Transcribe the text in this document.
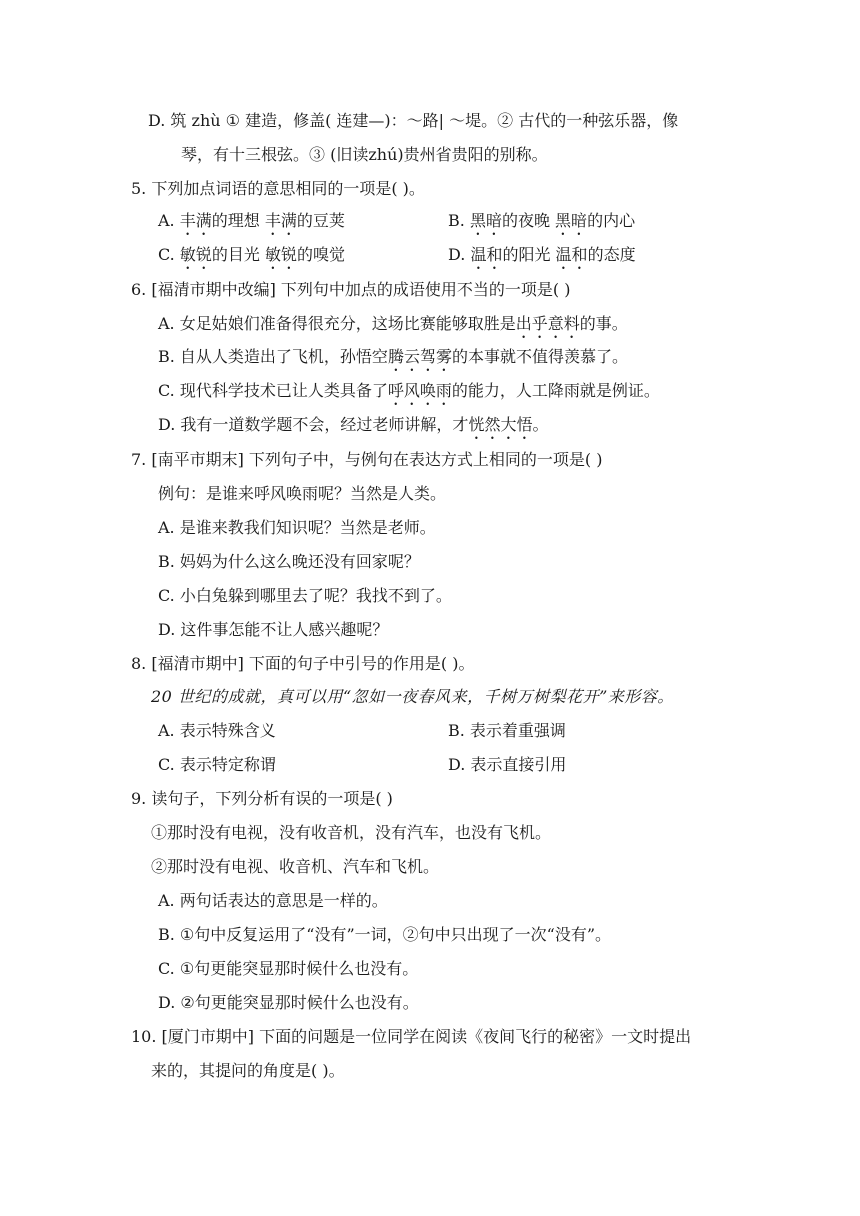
D. 筑 zhù ① 建造，修盖( 连建—)：～路| ～堤。② 古代的一种弦乐器，像
琴，有十三根弦。③ (旧读zhú)贵州省贵阳的别称。
5. 下列加点词语的意思相同的一项是( )。
A. 丰满的理想 丰满的豆荚	B. 黑暗的夜晚 黑暗的内心
C. 敏锐的目光 敏锐的嗅觉	D. 温和的阳光 温和的态度
6. [福清市期中改编] 下列句中加点的成语使用不当的一项是( )
A. 女足姑娘们准备得很充分，这场比赛能够取胜是出乎意料的事。
B. 自从人类造出了飞机，孙悟空腾云驾雾的本事就不值得羡慕了。
C. 现代科学技术已让人类具备了呼风唤雨的能力，人工降雨就是例证。
D. 我有一道数学题不会，经过老师讲解，才恍然大悟。
7. [南平市期末] 下列句子中，与例句在表达方式上相同的一项是( )
例句：是谁来呼风唤雨呢？当然是人类。
A. 是谁来教我们知识呢？当然是老师。
B. 妈妈为什么这么晚还没有回家呢？
C. 小白兔躲到哪里去了呢？我找不到了。
D. 这件事怎能不让人感兴趣呢？
8. [福清市期中] 下面的句子中引号的作用是( )。
20 世纪的成就，真可以用“忽如一夜春风来，千树万树梨花开”来形容。
A. 表示特殊含义	B. 表示着重强调
C. 表示特定称谓	D. 表示直接引用
9. 读句子，下列分析有误的一项是( )
①那时没有电视，没有收音机，没有汽车，也没有飞机。
②那时没有电视、收音机、汽车和飞机。
A. 两句话表达的意思是一样的。
B. ①句中反复运用了“没有”一词，②句中只出现了一次“没有”。
C. ①句更能突显那时候什么也没有。
D. ②句更能突显那时候什么也没有。
10. [厦门市期中] 下面的问题是一位同学在阅读《夜间飞行的秘密》一文时提出
来的，其提问的角度是( )。
